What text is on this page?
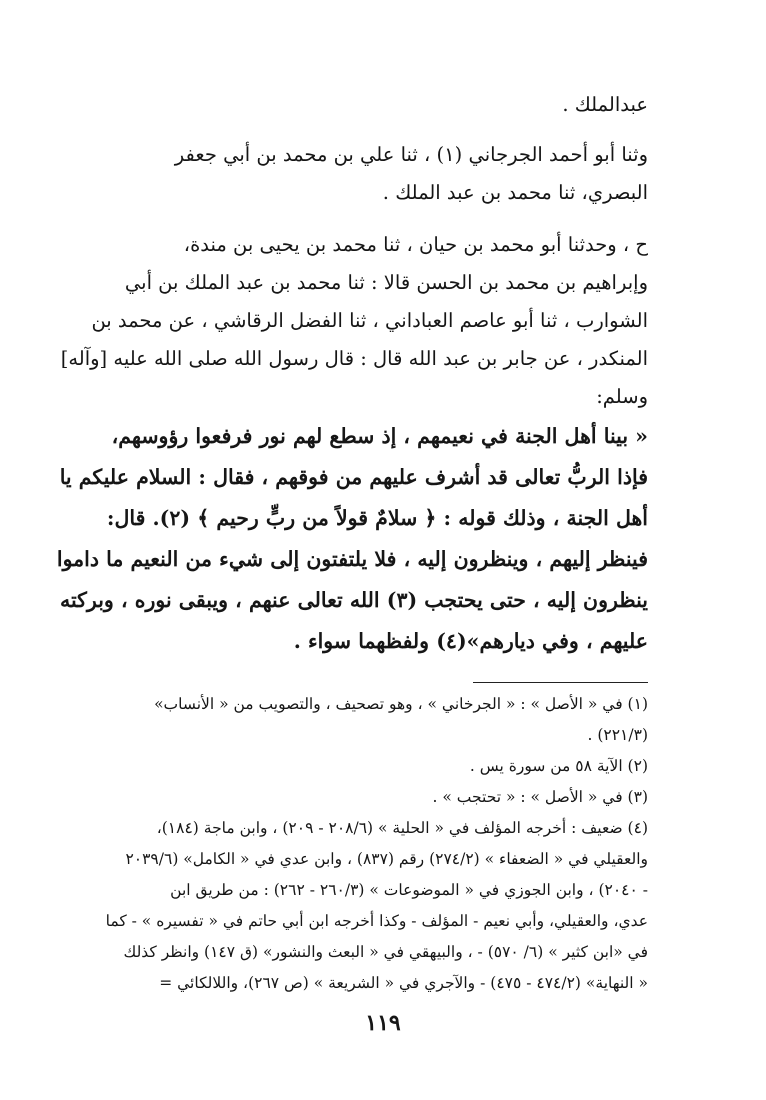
عبدالملك .
وثنا أبو أحمد الجرجاني (١) ، ثنا علي بن محمد بن أبي جعفر
البصري، ثنا محمد بن عبد الملك .
ح ، وحدثنا أبو محمد بن حيان ، ثنا محمد بن يحيى بن مندة،
وإبراهيم بن محمد بن الحسن قالا : ثنا محمد بن عبد الملك بن أبي
الشوارب ، ثنا أبو عاصم العباداني ، ثنا الفضل الرقاشي ، عن محمد بن
المنكدر ، عن جابر بن عبد الله قال : قال رسول الله صلى الله عليه [وآله]
وسلم:
« بينا أهل الجنة في نعيمهم ، إذ سطع لهم نور فرفعوا رؤوسهم،
فإذا الربُّ تعالى قد أشرف عليهم من فوقهم ، فقال : السلام عليكم يا
أهل الجنة ، وذلك قوله : ﴿ سلامٌ قولاً من ربٍّ رحيم ﴾ (٢). قال:
فينظر إليهم ، وينظرون إليه ، فلا يلتفتون إلى شيء من النعيم ما داموا
ينظرون إليه ، حتى يحتجب (٣) الله تعالى عنهم ، ويبقى نوره ، وبركته
عليهم ، وفي ديارهم»(٤) ولفظهما سواء .
(١) في « الأصل » : « الجرخاني » ، وهو تصحيف ، والتصويب من « الأنساب»
(٢٢١/٣) .
(٢) الآية ٥٨ من سورة يس .
(٣) في « الأصل » : « تحتجب » .
(٤) ضعيف : أخرجه المؤلف في « الحلية » (٢٠٨/٦ - ٢٠٩) ، وابن ماجة (١٨٤)،
والعقيلي في « الضعفاء » (٢٧٤/٢) رقم (٨٣٧) ، وابن عدي في « الكامل» (٢٠٣٩/٦
- ٢٠٤٠) ، وابن الجوزي في « الموضوعات » (٢٦٠/٣ - ٢٦٢) : من طريق ابن
عدي، والعقيلي، وأبي نعيم - المؤلف - وكذا أخرجه ابن أبي حاتم في « تفسيره » - كما
في «ابن كثير » (٦/ ٥٧٠) - ، والبيهقي في « البعث والنشور» (ق ١٤٧) وانظر كذلك
« النهاية» (٤٧٤/٢ - ٤٧٥) - والآجري في « الشريعة » (ص ٢٦٧)، واللالكائي =
١١٩
